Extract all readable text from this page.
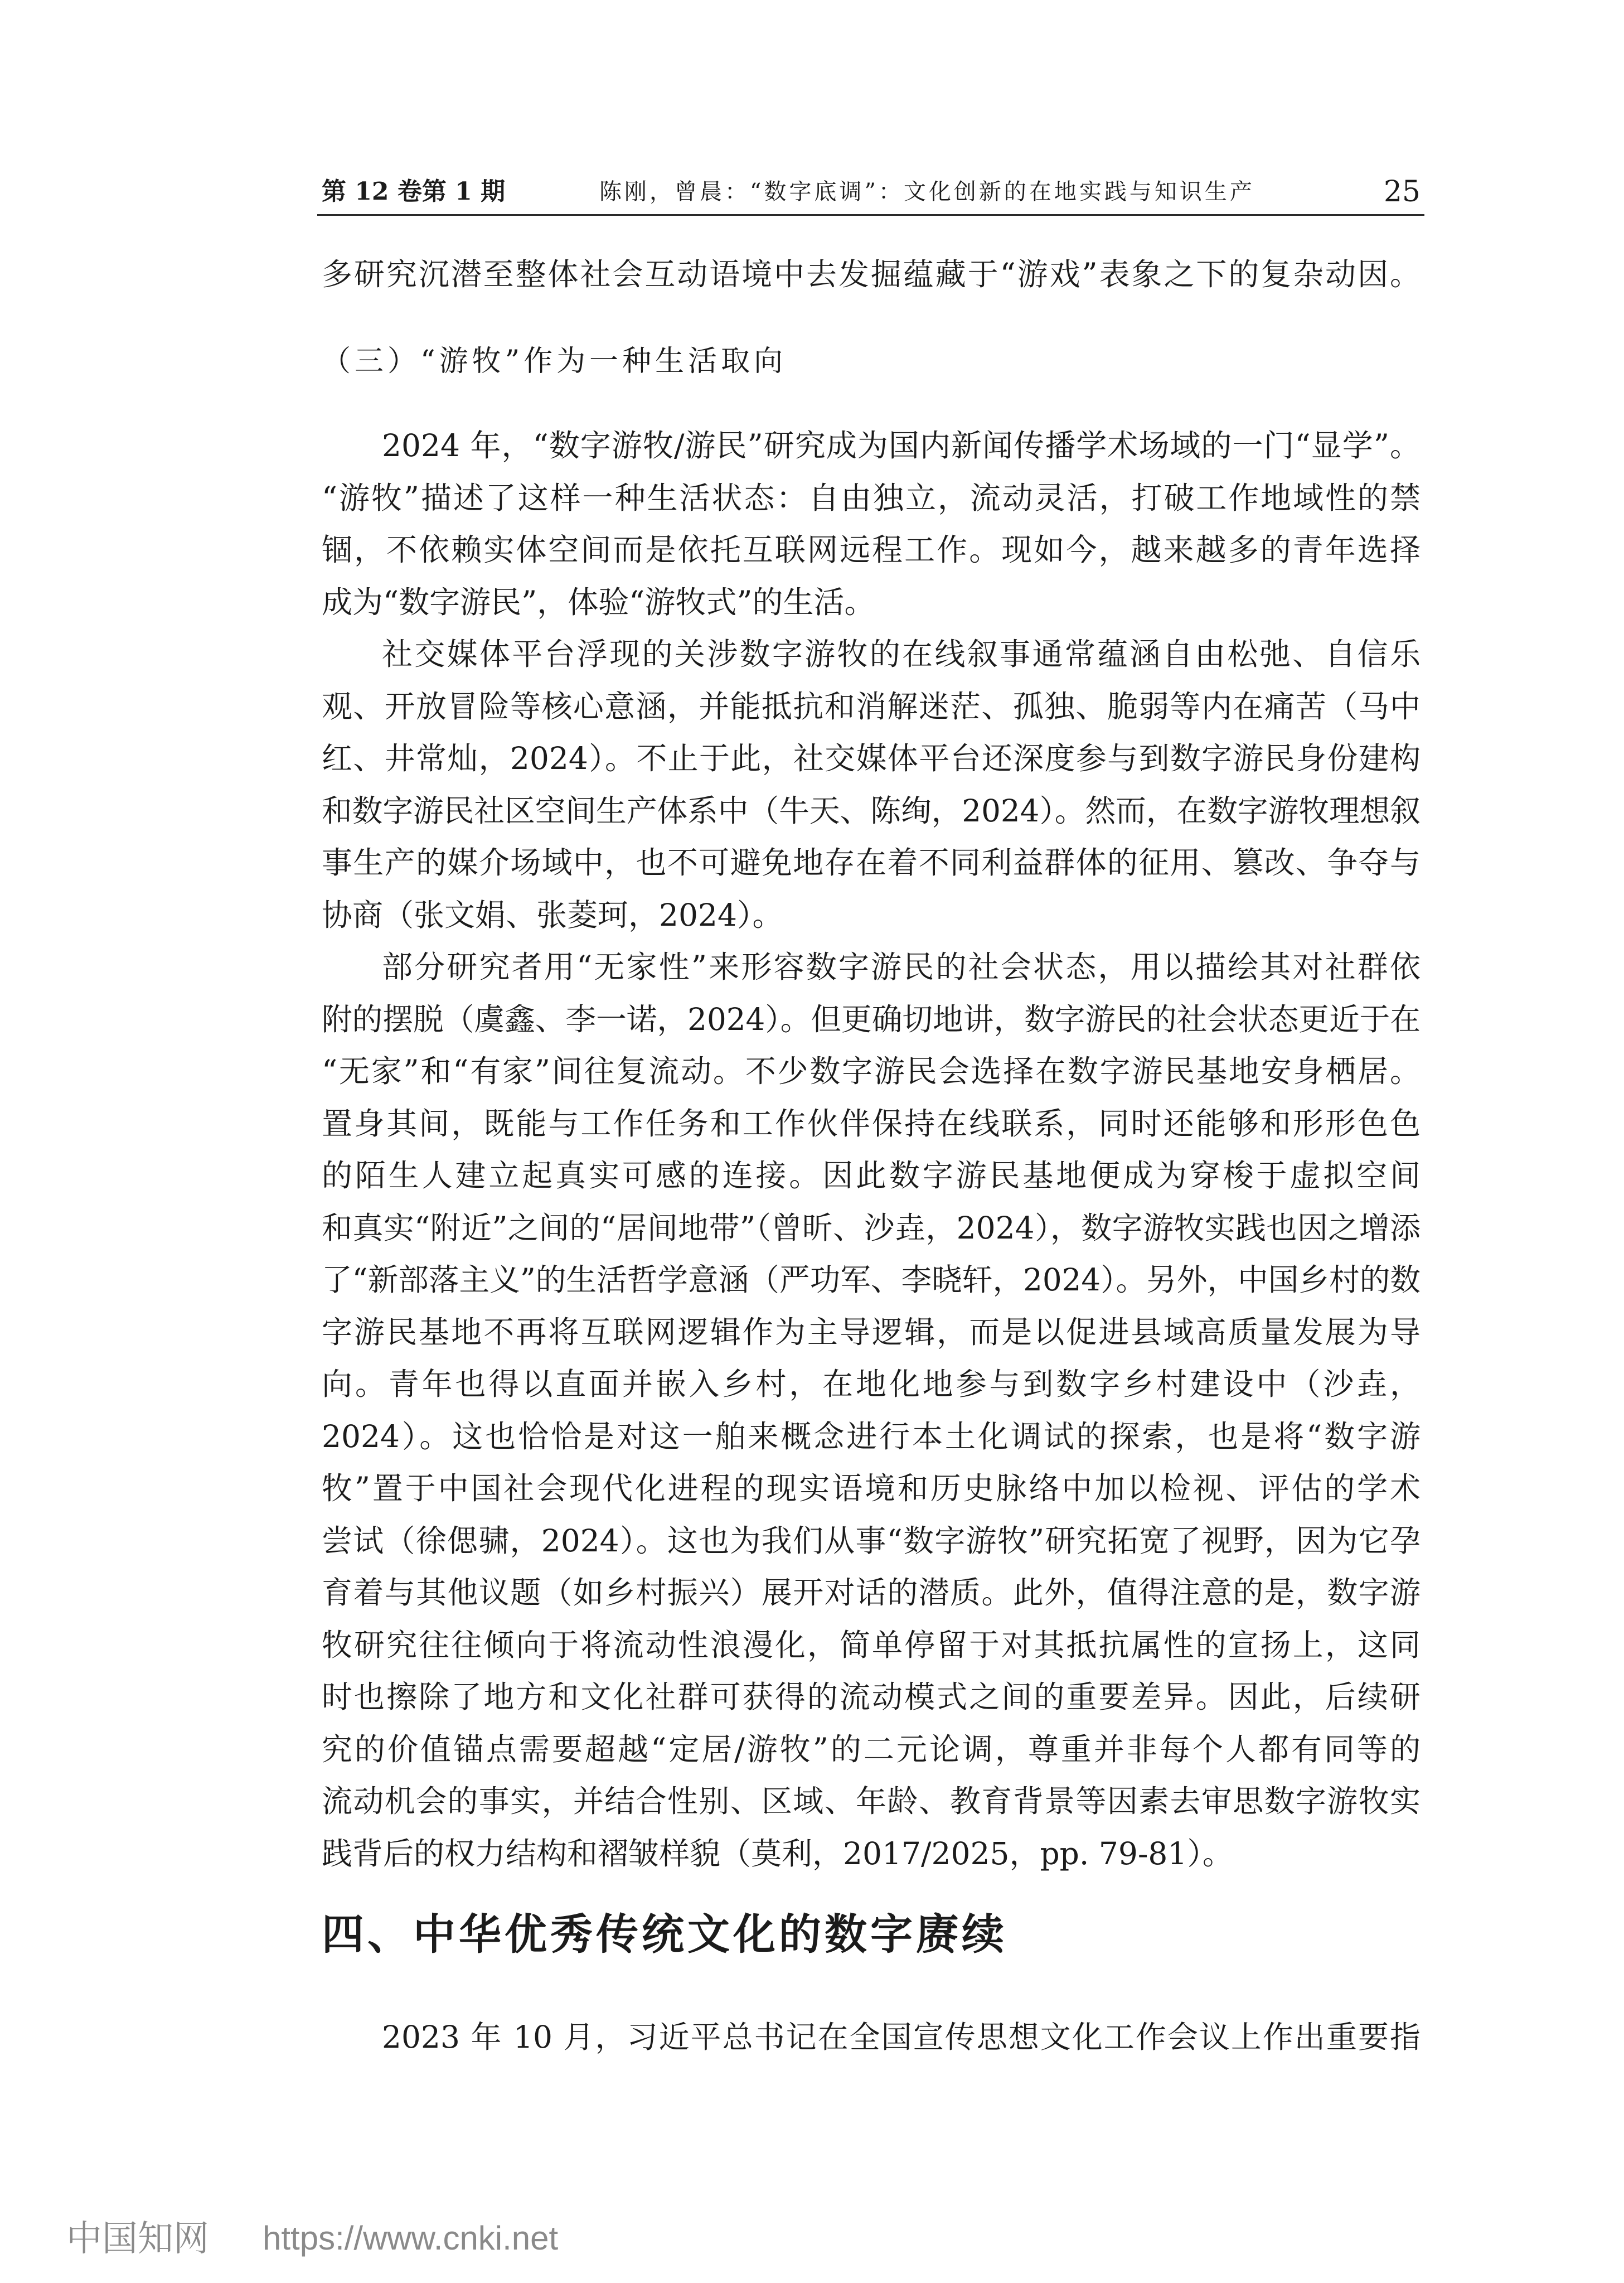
第 12 卷第 1 期	陈刚，曾晨：“数字底调”：文化创新的在地实践与知识生产	25
多研究沉潜至整体社会互动语境中去发掘蕴藏于“游戏”表象之下的复杂动因。
（三）“游牧”作为一种生活取向
2024 年，“数字游牧/游民”研究成为国内新闻传播学术场域的一门“显学”。
“游牧”描述了这样一种生活状态：自由独立，流动灵活，打破工作地域性的禁
锢，不依赖实体空间而是依托互联网远程工作。现如今，越来越多的青年选择
成为“数字游民”，体验“游牧式”的生活。
社交媒体平台浮现的关涉数字游牧的在线叙事通常蕴涵自由松弛、自信乐
观、开放冒险等核心意涵，并能抵抗和消解迷茫、孤独、脆弱等内在痛苦（马中
红、井常灿，2024）。不止于此，社交媒体平台还深度参与到数字游民身份建构
和数字游民社区空间生产体系中（牛天、陈绚，2024）。然而，在数字游牧理想叙
事生产的媒介场域中，也不可避免地存在着不同利益群体的征用、篡改、争夺与
协商（张文娟、张菱珂，2024）。
部分研究者用“无家性”来形容数字游民的社会状态，用以描绘其对社群依
附的摆脱（虞鑫、李一诺，2024）。但更确切地讲，数字游民的社会状态更近于在
“无家”和“有家”间往复流动。不少数字游民会选择在数字游民基地安身栖居。
置身其间，既能与工作任务和工作伙伴保持在线联系，同时还能够和形形色色
的陌生人建立起真实可感的连接。因此数字游民基地便成为穿梭于虚拟空间
和真实“附近”之间的“居间地带”（曾昕、沙垚，2024），数字游牧实践也因之增添
了“新部落主义”的生活哲学意涵（严功军、李晓轩，2024）。另外，中国乡村的数
字游民基地不再将互联网逻辑作为主导逻辑，而是以促进县域高质量发展为导
向。青年也得以直面并嵌入乡村，在地化地参与到数字乡村建设中（沙垚，
2024）。这也恰恰是对这一舶来概念进行本土化调试的探索，也是将“数字游
牧”置于中国社会现代化进程的现实语境和历史脉络中加以检视、评估的学术
尝试（徐偲骕，2024）。这也为我们从事“数字游牧”研究拓宽了视野，因为它孕
育着与其他议题（如乡村振兴）展开对话的潜质。此外，值得注意的是，数字游
牧研究往往倾向于将流动性浪漫化，简单停留于对其抵抗属性的宣扬上，这同
时也擦除了地方和文化社群可获得的流动模式之间的重要差异。因此，后续研
究的价值锚点需要超越“定居/游牧”的二元论调，尊重并非每个人都有同等的
流动机会的事实，并结合性别、区域、年龄、教育背景等因素去审思数字游牧实
践背后的权力结构和褶皱样貌（莫利，2017/2025，pp. 79-81）。
四、中华优秀传统文化的数字赓续
2023 年 10 月，习近平总书记在全国宣传思想文化工作会议上作出重要指
中国知网 https://www.cnki.net
